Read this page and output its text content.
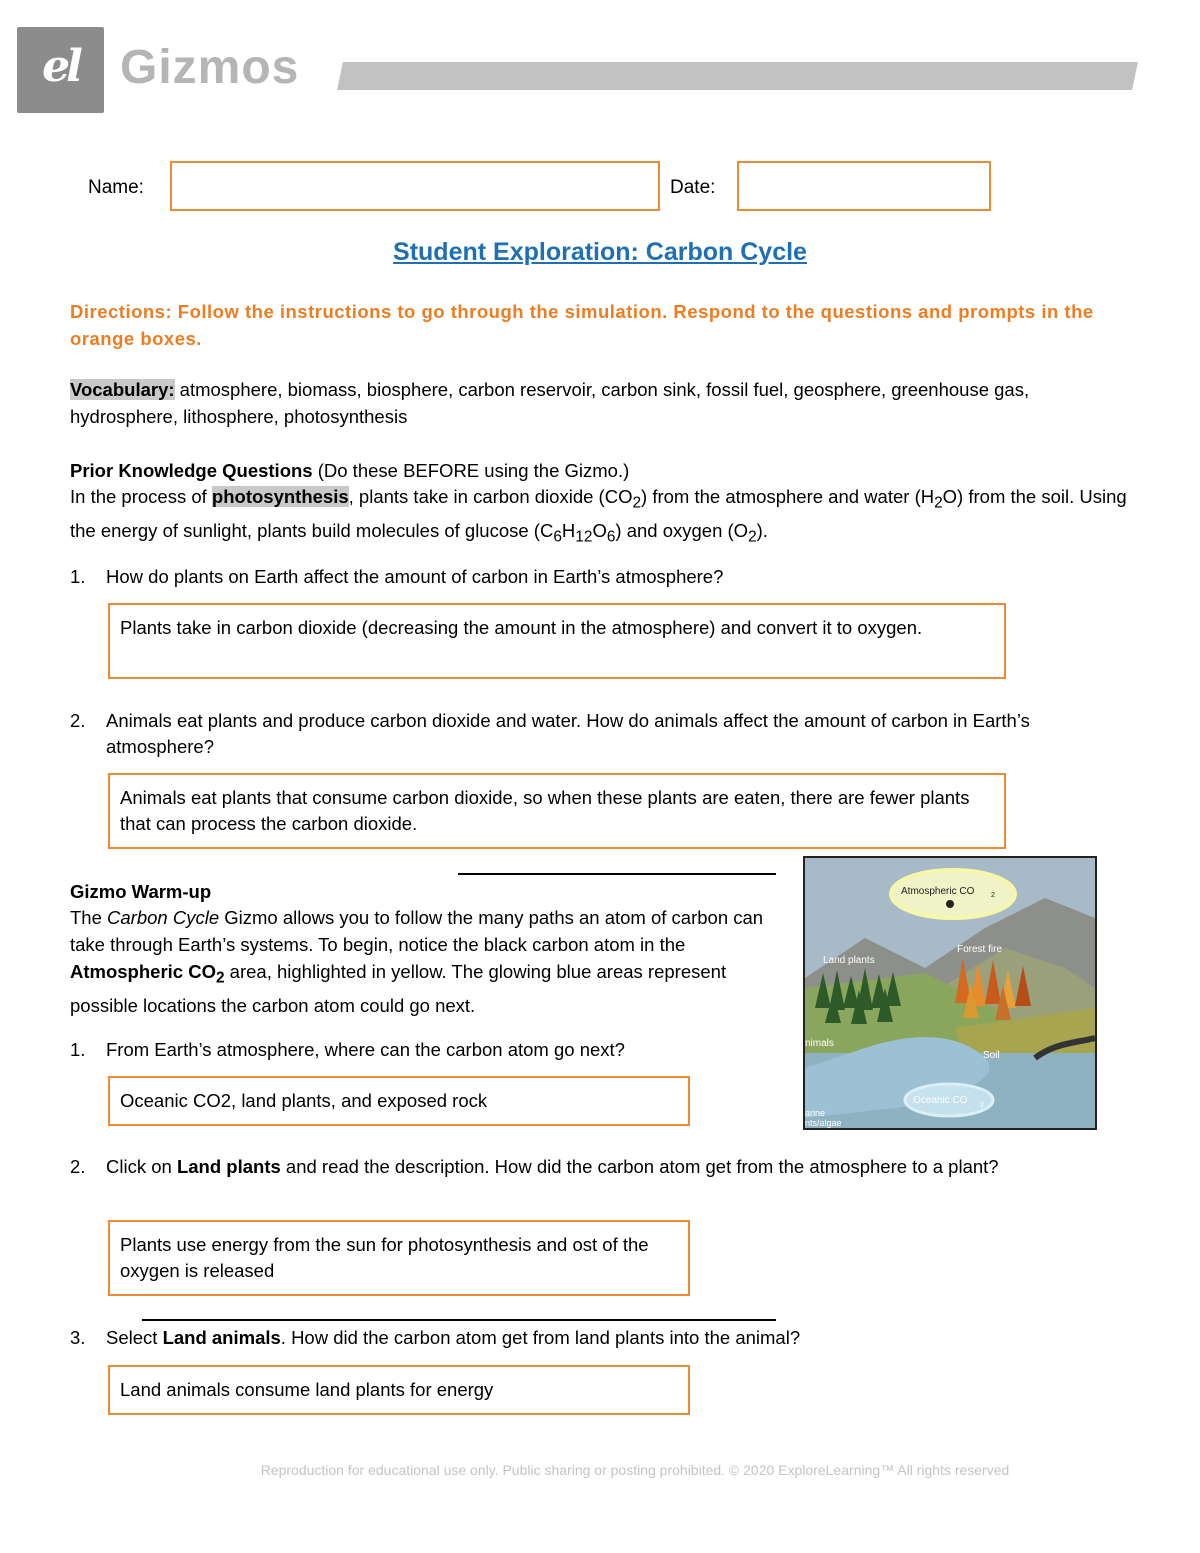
el Gizmos
Name:	Date:
Student Exploration: Carbon Cycle
Directions: Follow the instructions to go through the simulation. Respond to the questions and prompts in the orange boxes.
Vocabulary: atmosphere, biomass, biosphere, carbon reservoir, carbon sink, fossil fuel, geosphere, greenhouse gas, hydrosphere, lithosphere, photosynthesis
Prior Knowledge Questions (Do these BEFORE using the Gizmo.)
In the process of photosynthesis, plants take in carbon dioxide $(CO_2)$ from the atmosphere and water $(H_2O)$ from the soil. Using the energy of sunlight, plants build molecules of glucose $(C_6H_{12}O_6)$ and oxygen $(O_2)$.
1. How do plants on Earth affect the amount of carbon in Earth’s atmosphere?
Plants take in carbon dioxide (decreasing the amount in the atmosphere) and convert it to oxygen.
2. Animals eat plants and produce carbon dioxide and water. How do animals affect the amount of carbon in Earth’s atmosphere?
Animals eat plants that consume carbon dioxide, so when these plants are eaten, there are fewer plants that can process the carbon dioxide.
Gizmo Warm-up
The Carbon Cycle Gizmo allows you to follow the many paths an atom of carbon can take through Earth’s systems. To begin, notice the black carbon atom in the Atmospheric $CO_2$ area, highlighted in yellow. The glowing blue areas represent possible locations the carbon atom could go next.
Atmospheric CO 2
Forest fire
Land plants
nimals
Soil
Oceanic CO 2
arine
nts/algae
1. From Earth’s atmosphere, where can the carbon atom go next?
Oceanic CO2, land plants, and exposed rock
2. Click on Land plants and read the description. How did the carbon atom get from the atmosphere to a plant?
Plants use energy from the sun for photosynthesis and ost of the oxygen is released
3. Select Land animals. How did the carbon atom get from land plants into the animal?
Land animals consume land plants for energy
Reproduction for educational use only. Public sharing or posting prohibited. © 2020 ExploreLearning™ All rights reserved
